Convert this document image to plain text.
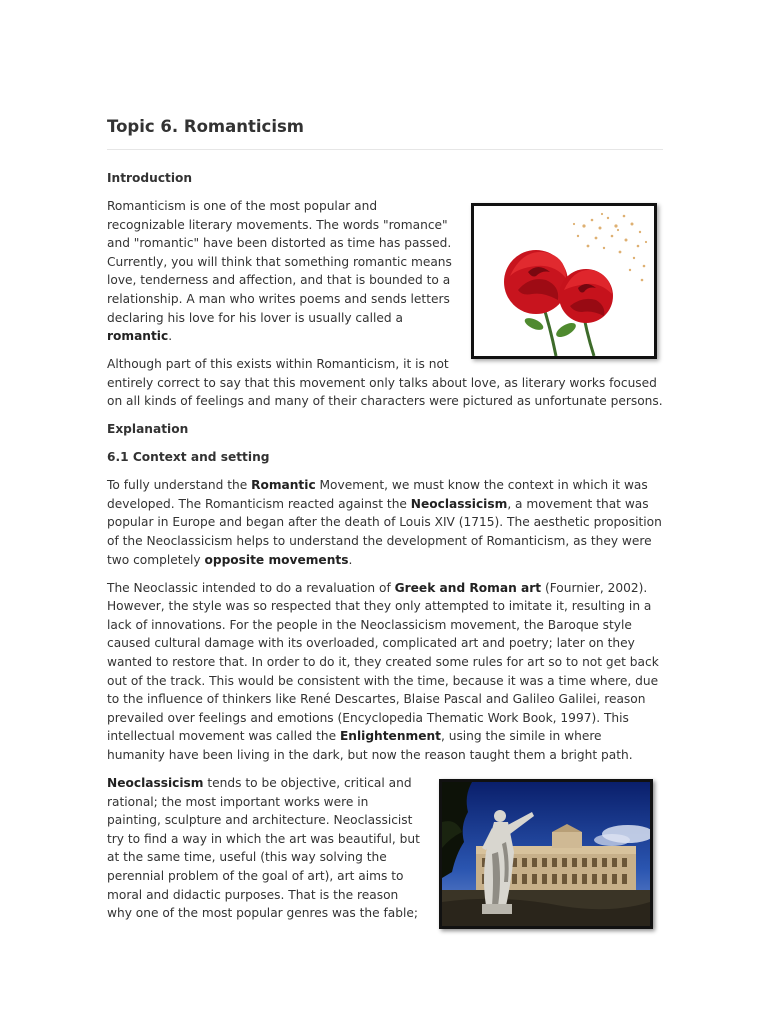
Topic 6. Romanticism
Introduction

Romanticism is one of the most popular and recognizable literary movements. The words "romance" and "romantic" have been distorted as time has passed. Currently, you will think that something romantic means love, tenderness and affection, and that is bounded to a relationship. A man who writes poems and sends letters declaring his love for his lover is usually called a romantic.

Although part of this exists within Romanticism, it is not entirely correct to say that this movement only talks about love, as literary works focused on all kinds of feelings and many of their characters were pictured as unfortunate persons.

Explanation
6.1 Context and setting

To fully understand the Romantic Movement, we must know the context in which it was developed. The Romanticism reacted against the Neoclassicism, a movement that was popular in Europe and began after the death of Louis XIV (1715). The aesthetic proposition of the Neoclassicism helps to understand the development of Romanticism, as they were two completely opposite movements.

The Neoclassic intended to do a revaluation of Greek and Roman art (Fournier, 2002). However, the style was so respected that they only attempted to imitate it, resulting in a lack of innovations. For the people in the Neoclassicism movement, the Baroque style caused cultural damage with its overloaded, complicated art and poetry; later on they wanted to restore that. In order to do it, they created some rules for art so to not get back out of the track. This would be consistent with the time, because it was a time where, due to the influence of thinkers like René Descartes, Blaise Pascal and Galileo Galilei, reason prevailed over feelings and emotions (Encyclopedia Thematic Work Book, 1997). This intellectual movement was called the Enlightenment, using the simile in where humanity have been living in the dark, but now the reason taught them a bright path.

Neoclassicism tends to be objective, critical and rational; the most important works were in painting, sculpture and architecture. Neoclassicist try to find a way in which the art was beautiful, but at the same time, useful (this way solving the perennial problem of the goal of art), art aims to moral and didactic purposes. That is the reason why one of the most popular genres was the fable;
